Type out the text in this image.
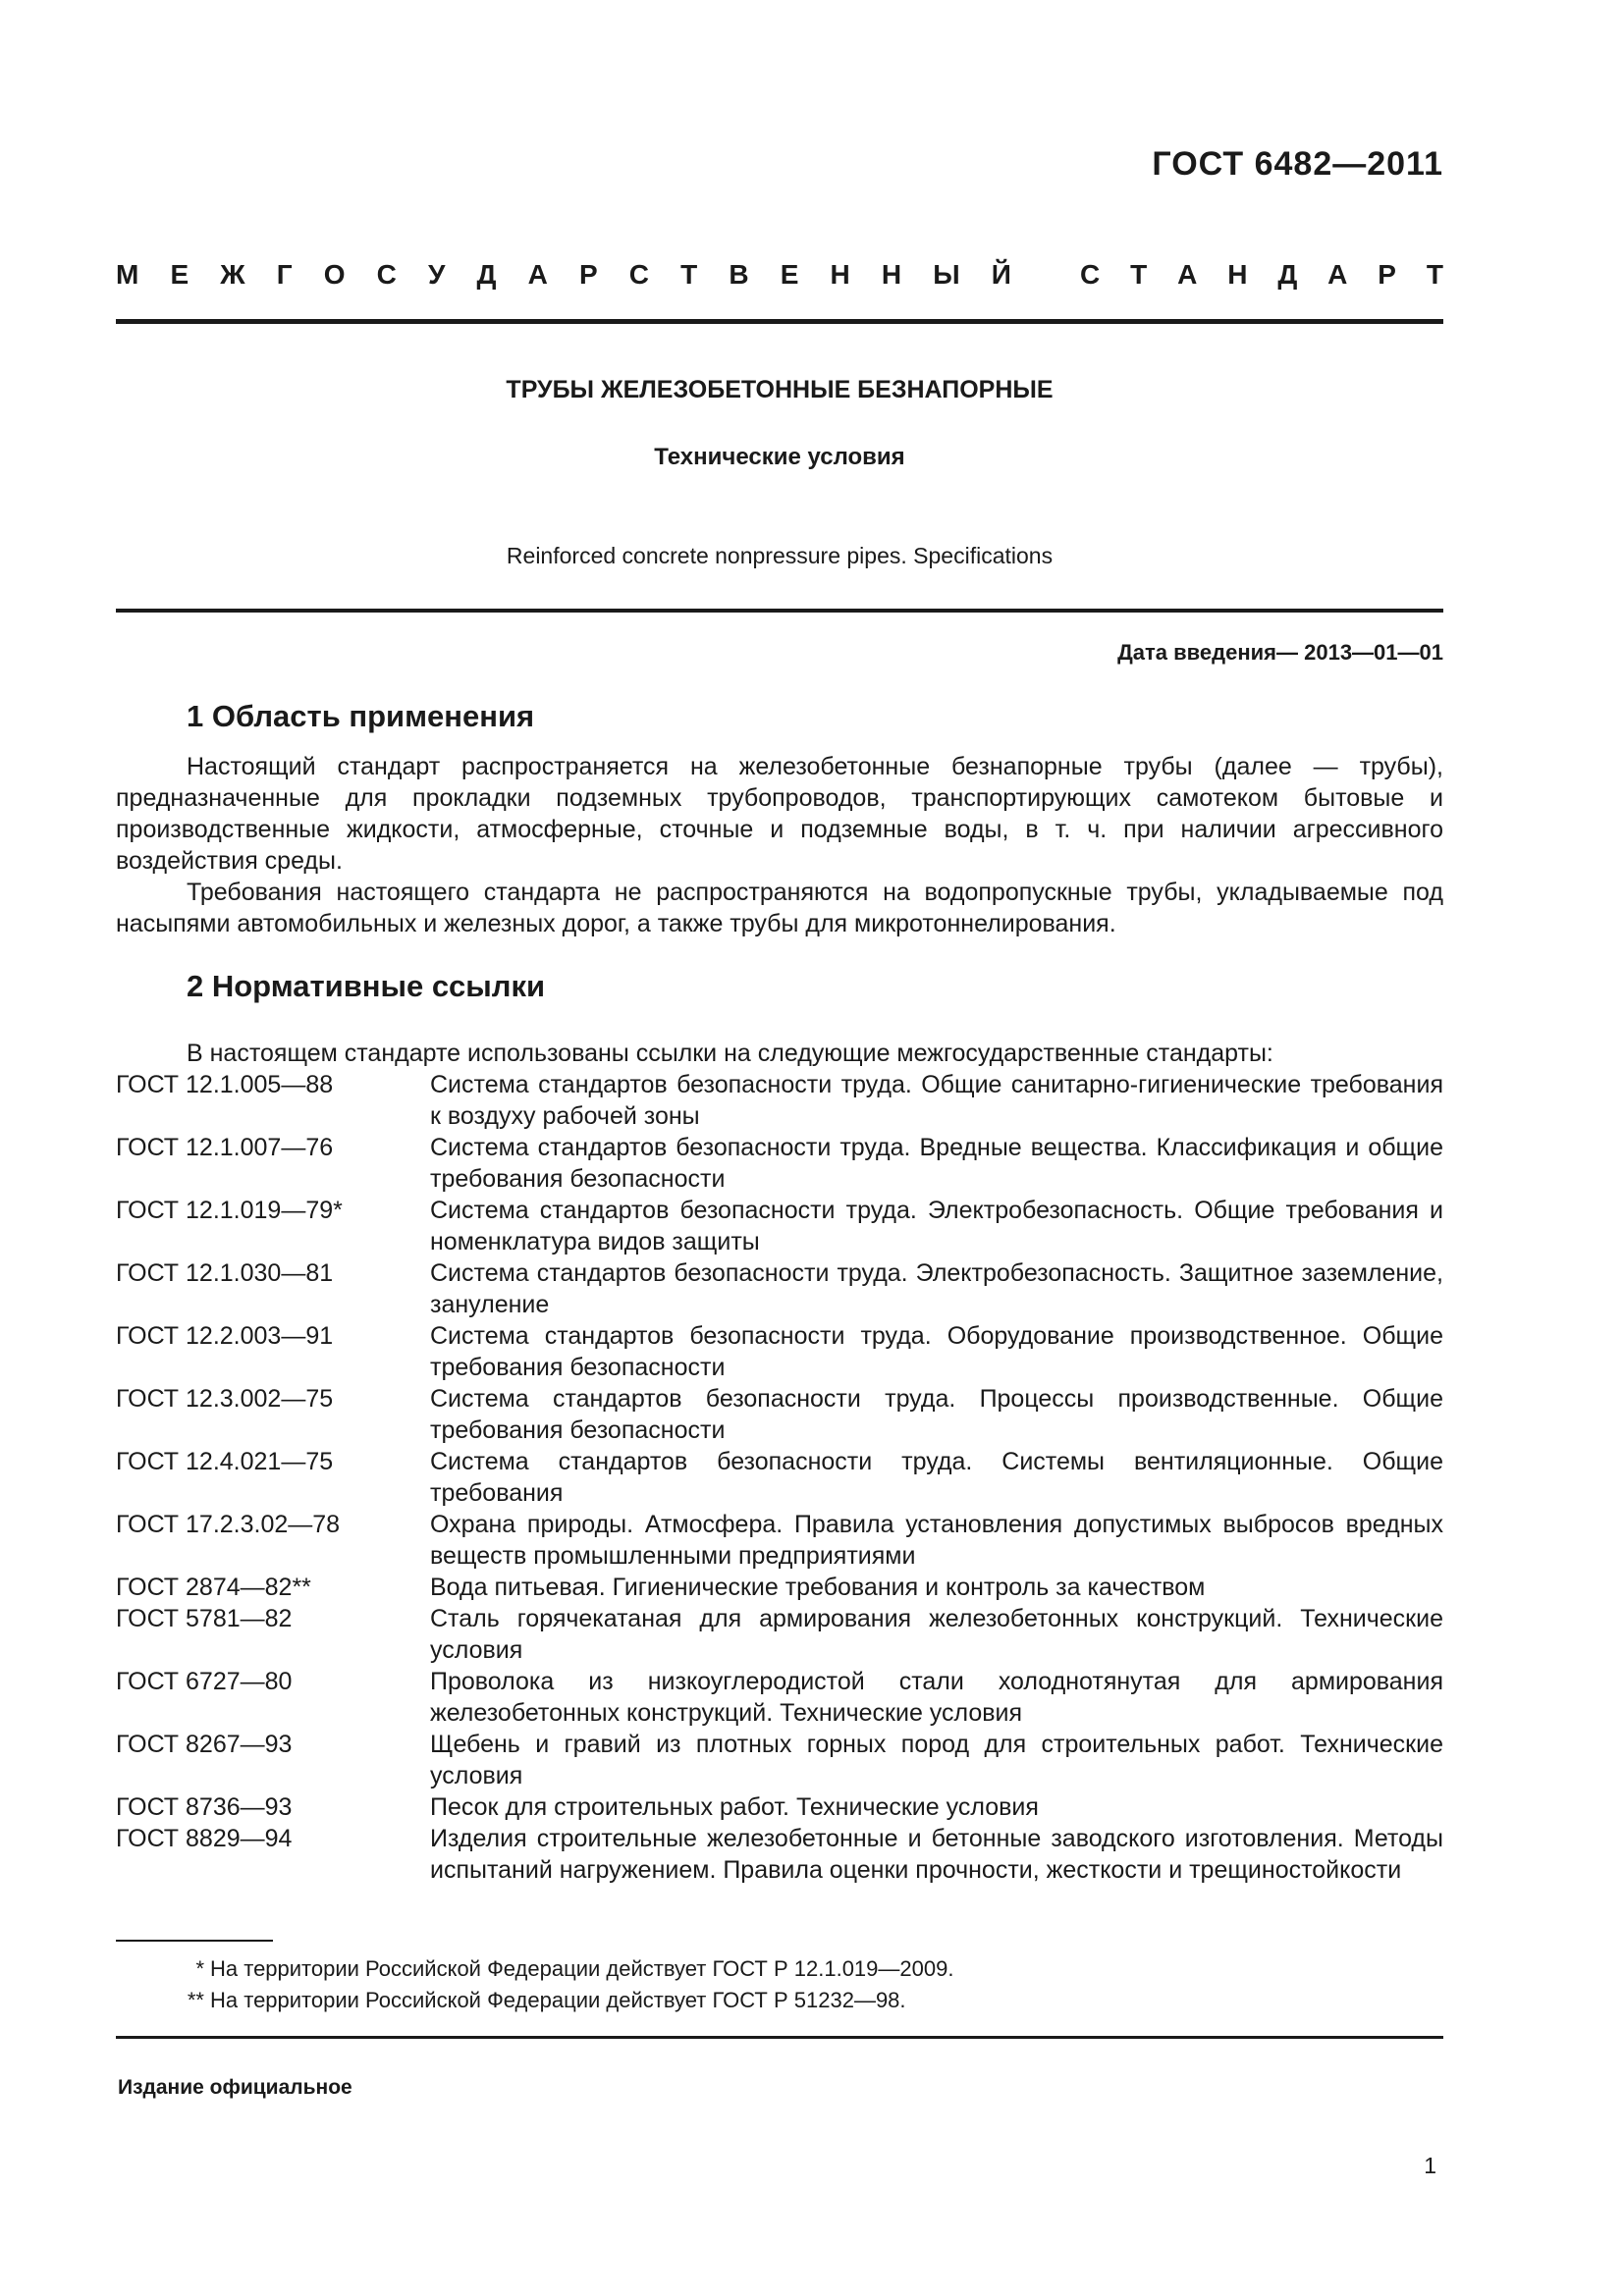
ГОСТ 6482—2011
М Е Ж Г О С У Д А Р С Т В Е Н Н Ы Й	С Т А Н Д А Р Т
ТРУБЫ ЖЕЛЕЗОБЕТОННЫЕ БЕЗНАПОРНЫЕ
Технические условия
Reinforced concrete nonpressure pipes. Specifications
Дата введения— 2013—01—01
1 Область применения

Настоящий стандарт распространяется на железобетонные безнапорные трубы (далее — трубы), предназначенные для прокладки подземных трубопроводов, транспортирующих самотеком бытовые и производственные жидкости, атмосферные, сточные и подземные воды, в т. ч. при наличии агрессивного воздействия среды.

Требования настоящего стандарта не распространяются на водопропускные трубы, укладываемые под насыпями автомобильных и железных дорог, а также трубы для микротоннелирования.

2 Нормативные ссылки

В настоящем стандарте использованы ссылки на следующие межгосударственные стандарты:

ГОСТ 12.1.005—88	Система стандартов безопасности труда. Общие санитарно-гигиенические требования к воздуху рабочей зоны
ГОСТ 12.1.007—76	Система стандартов безопасности труда. Вредные вещества. Классификация и общие требования безопасности
ГОСТ 12.1.019—79*	Система стандартов безопасности труда. Электробезопасность. Общие требования и номенклатура видов защиты
ГОСТ 12.1.030—81	Система стандартов безопасности труда. Электробезопасность. Защитное заземление, зануление
ГОСТ 12.2.003—91	Система стандартов безопасности труда. Оборудование производственное. Общие требования безопасности
ГОСТ 12.3.002—75	Система стандартов безопасности труда. Процессы производственные. Общие требования безопасности
ГОСТ 12.4.021—75	Система стандартов безопасности труда. Системы вентиляционные. Общие требования
ГОСТ 17.2.3.02—78	Охрана природы. Атмосфера. Правила установления допустимых выбросов вредных веществ промышленными предприятиями
ГОСТ 2874—82**	Вода питьевая. Гигиенические требования и контроль за качеством
ГОСТ 5781—82	Сталь горячекатаная для армирования железобетонных конструкций. Технические условия
ГОСТ 6727—80	Проволока из низкоуглеродистой стали холоднотянутая для армирования железобетонных конструкций. Технические условия
ГОСТ 8267—93	Щебень и гравий из плотных горных пород для строительных работ. Технические условия
ГОСТ 8736—93	Песок для строительных работ. Технические условия
ГОСТ 8829—94	Изделия строительные железобетонные и бетонные заводского изготовления. Методы испытаний нагружением. Правила оценки прочности, жесткости и трещиностойкости
* На территории Российской Федерации действует ГОСТ Р 12.1.019—2009.
** На территории Российской Федерации действует ГОСТ Р 51232—98.
Издание официальное
1
